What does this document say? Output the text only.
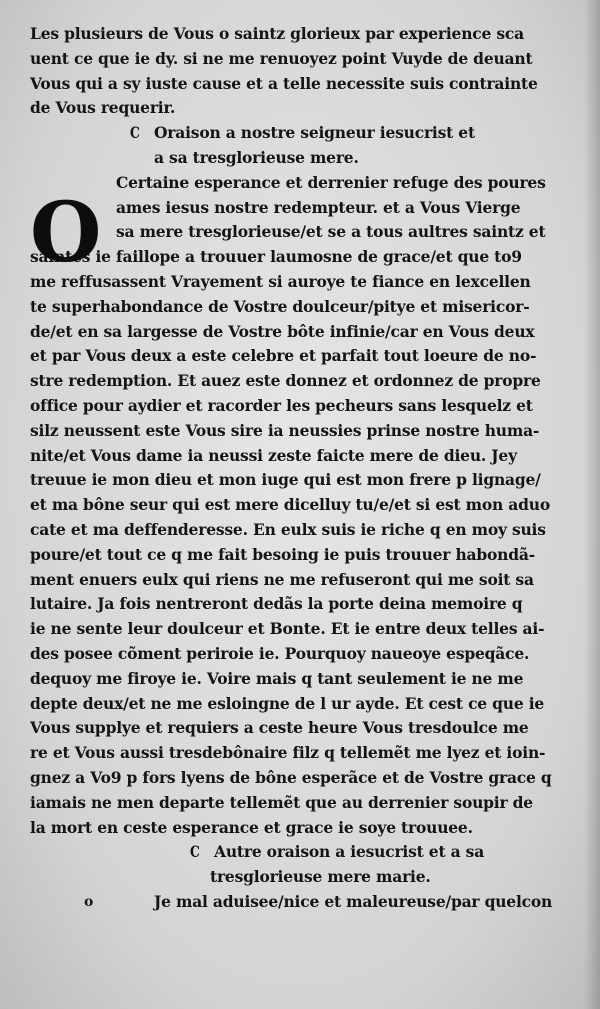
Les plusieurs de Vous o saintz glorieux par experience sca
uent ce que ie dy. si ne me renuoyez point Vuyde de deuant
Vous qui a sy iuste cause et a telle necessite suis contrainte
de Vous requerir.
C Oraison a nostre seigneur iesucrist et
a sa tresglorieuse mere.
Certaine esperance et derrenier refuge des poures
ames iesus nostre redempteur. et a Vous Vierge
sa mere tresglorieuse/et se a tous aultres saintz et
saintes ie faillope a trouuer laumosne de grace/et que to9
me reffusassent Vrayement si auroye te fiance en lexcellen
te superhabondance de Vostre doulceur/pitye et misericor-
de/et en sa largesse de Vostre bôte infinie/car en Vous deux
et par Vous deux a este celebre et parfait tout loeure de no-
stre redemption. Et auez este donnez et ordonnez de propre
office pour aydier et racorder les pecheurs sans lesquelz et
silz neussent este Vous sire ia neussies prinse nostre huma-
nite/et Vous dame ia neussi zeste faicte mere de dieu. Jey
treuue ie mon dieu et mon iuge qui est mon frere p lignage/
et ma bône seur qui est mere dicelluy tu/e/et si est mon aduo
cate et ma deffenderesse. En eulx suis ie riche q en moy suis
poure/et tout ce q me fait besoing ie puis trouuer habondã-
ment enuers eulx qui riens ne me refuseront qui me soit sa
lutaire. Ja fois nentreront dedãs la porte deina memoire q
ie ne sente leur doulceur et Bonte. Et ie entre deux telles ai-
des posee cõment periroie ie. Pourquoy naueoye espeqãce.
dequoy me firoye ie. Voire mais q tant seulement ie ne me
depte deux/et ne me esloingne de l ur ayde. Et cest ce que ie
Vous supplye et requiers a ceste heure Vous tresdoulce me
re et Vous aussi tresdebônaire filz q tellemẽt me lyez et ioin-
gnez a Vo9 p fors lyens de bône esperãce et de Vostre grace q
iamais ne men departe tellemẽt que au derrenier soupir de
la mort en ceste esperance et grace ie soye trouuee.
C Autre oraison a iesucrist et a sa
tresglorieuse mere marie.
Je mal aduisee/nice et maleureuse/par quelcon
O
o
